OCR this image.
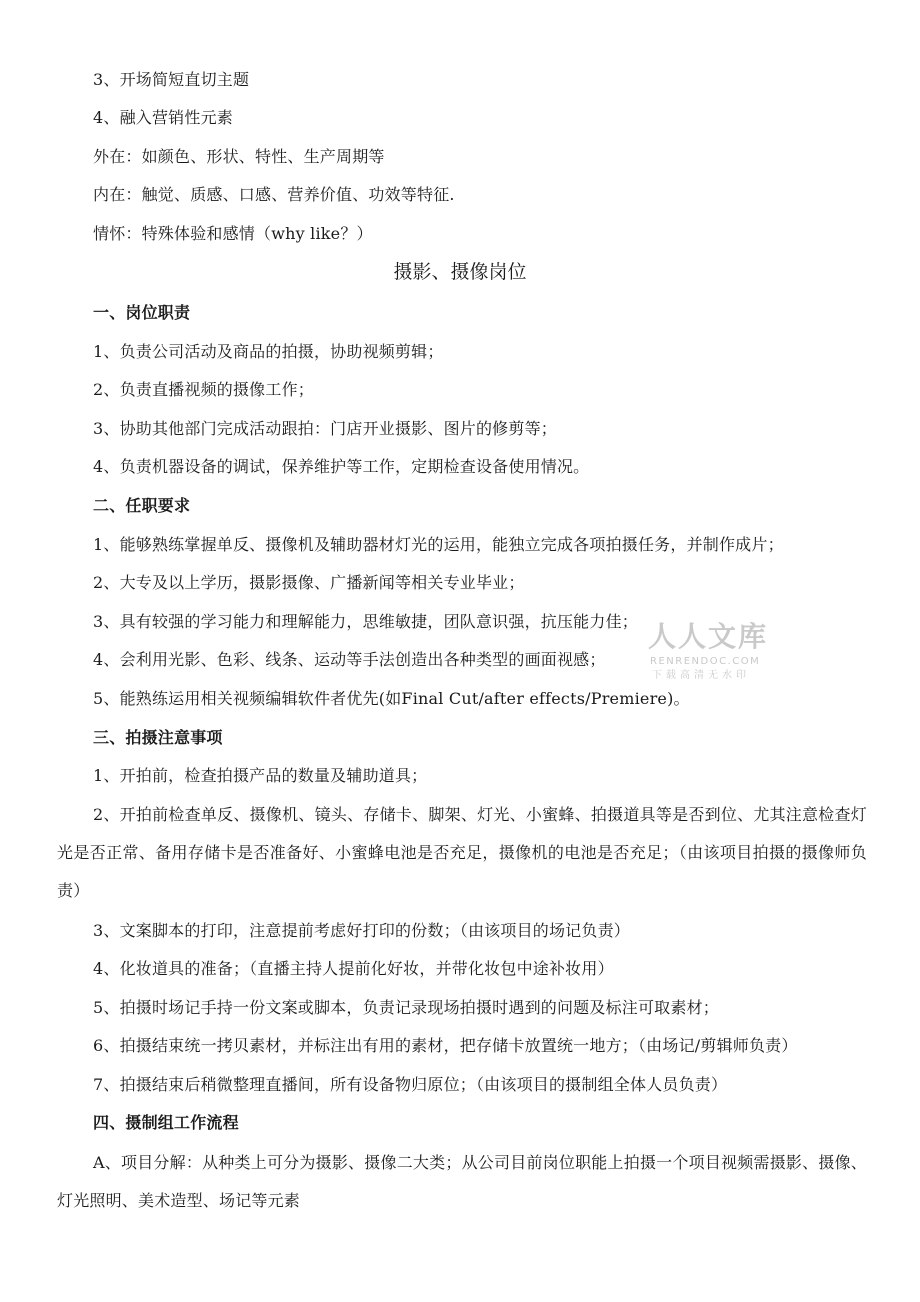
3、开场简短直切主题
4、融入营销性元素
外在：如颜色、形状、特性、生产周期等
内在：触觉、质感、口感、营养价值、功效等特征.
情怀：特殊体验和感情（why like？）
摄影、摄像岗位
一、岗位职责
1、负责公司活动及商品的拍摄，协助视频剪辑；
2、负责直播视频的摄像工作；
3、协助其他部门完成活动跟拍：门店开业摄影、图片的修剪等；
4、负责机器设备的调试，保养维护等工作，定期检查设备使用情况。
二、任职要求
1、能够熟练掌握单反、摄像机及辅助器材灯光的运用，能独立完成各项拍摄任务，并制作成片；
2、大专及以上学历，摄影摄像、广播新闻等相关专业毕业；
3、具有较强的学习能力和理解能力，思维敏捷，团队意识强，抗压能力佳；
4、会利用光影、色彩、线条、运动等手法创造出各种类型的画面视感；
5、能熟练运用相关视频编辑软件者优先(如Final Cut/after effects/Premiere)。
三、拍摄注意事项
1、开拍前，检查拍摄产品的数量及辅助道具；
2、开拍前检查单反、摄像机、镜头、存储卡、脚架、灯光、小蜜蜂、拍摄道具等是否到位、尤其注意检查灯光是否正常、备用存储卡是否准备好、小蜜蜂电池是否充足，摄像机的电池是否充足；（由该项目拍摄的摄像师负责）
3、文案脚本的打印，注意提前考虑好打印的份数；（由该项目的场记负责）
4、化妆道具的准备；（直播主持人提前化好妆，并带化妆包中途补妆用）
5、拍摄时场记手持一份文案或脚本，负责记录现场拍摄时遇到的问题及标注可取素材；
6、拍摄结束统一拷贝素材，并标注出有用的素材，把存储卡放置统一地方；（由场记/剪辑师负责）
7、拍摄结束后稍微整理直播间，所有设备物归原位；（由该项目的摄制组全体人员负责）
四、摄制组工作流程
A、项目分解：从种类上可分为摄影、摄像二大类；从公司目前岗位职能上拍摄一个项目视频需摄影、摄像、灯光照明、美术造型、场记等元素
人人文库
RENRENDOC.COM
下载高清无水印
